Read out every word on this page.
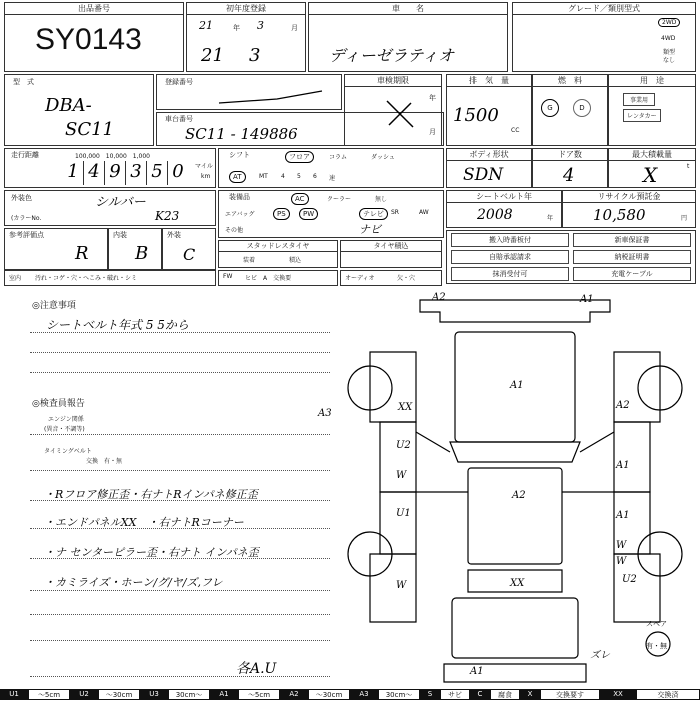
出品番号
SY0143
初年度登録
21	年 3	月
21 3
車　　名
ディーゼラティオ
グレード／類別型式
2WD
4WD
類型
なし
型　式
DBA-
SC11
登録番号
車台番号
SC11 - 149886
車検期限
年
月
排　気　量
1500
CC
燃　料
G	D
用　途
事業用
レンタカー
走行距離	100,000　10,000　1,000
1 4 9 3 5 0	km
マイル
シフト	フロア	コラム	ダッシュ
AT	MT 4 5 6 速
ボディ形状
SDN
ドア数
4
最大積載量
X	t
外装色	シルバー
(カラーNo.	K23
装備品	AC	クーラー	無し
エアバッグ	PS	PW	テレビ	SR	AW
その他	ナビ
シートベルト年
2008	年
リサイクル預託金
10,580	円
参考評価点
R
内装
B
外装
C	スタッドレスタイヤ
装着	積込
タイヤ積込
室内 汚れ・コゲ・穴・へこみ・破れ・シミ	FW ヒビ　A　交換要	オーディオ	欠・穴
搬入時番板付
自賠承認請求
抹消受付可
新車保証書
納税証明書
充電ケーブル
◎注意事項
シートベルト年式 5 5から
◎検査員報告
エンジン関係
(異音・不調等)
タイミングベルト
交換　有・無
・Rフロア修正歪・右ナトRインパネ修正歪
・エンドパネルXX　・右ナトRコーナー
・ナ センターピラー歪・右ナト インパネ歪
・カミライズ・ホーン/グ/ヤ/ズ,フレ
各A.U
A2	A1
A1
A3
XX	A2
U2
W
A2
A1
A1
U1
W
W
XX	U2
W
ズレ
A1
スペア
有・無
U1	～5cm	U2	～30cm	U3	30cm～	A1	～5cm	A2	～30cm	A3	30cm～	S	サビ	C	腐食	X	交換要す	XX	交換済
